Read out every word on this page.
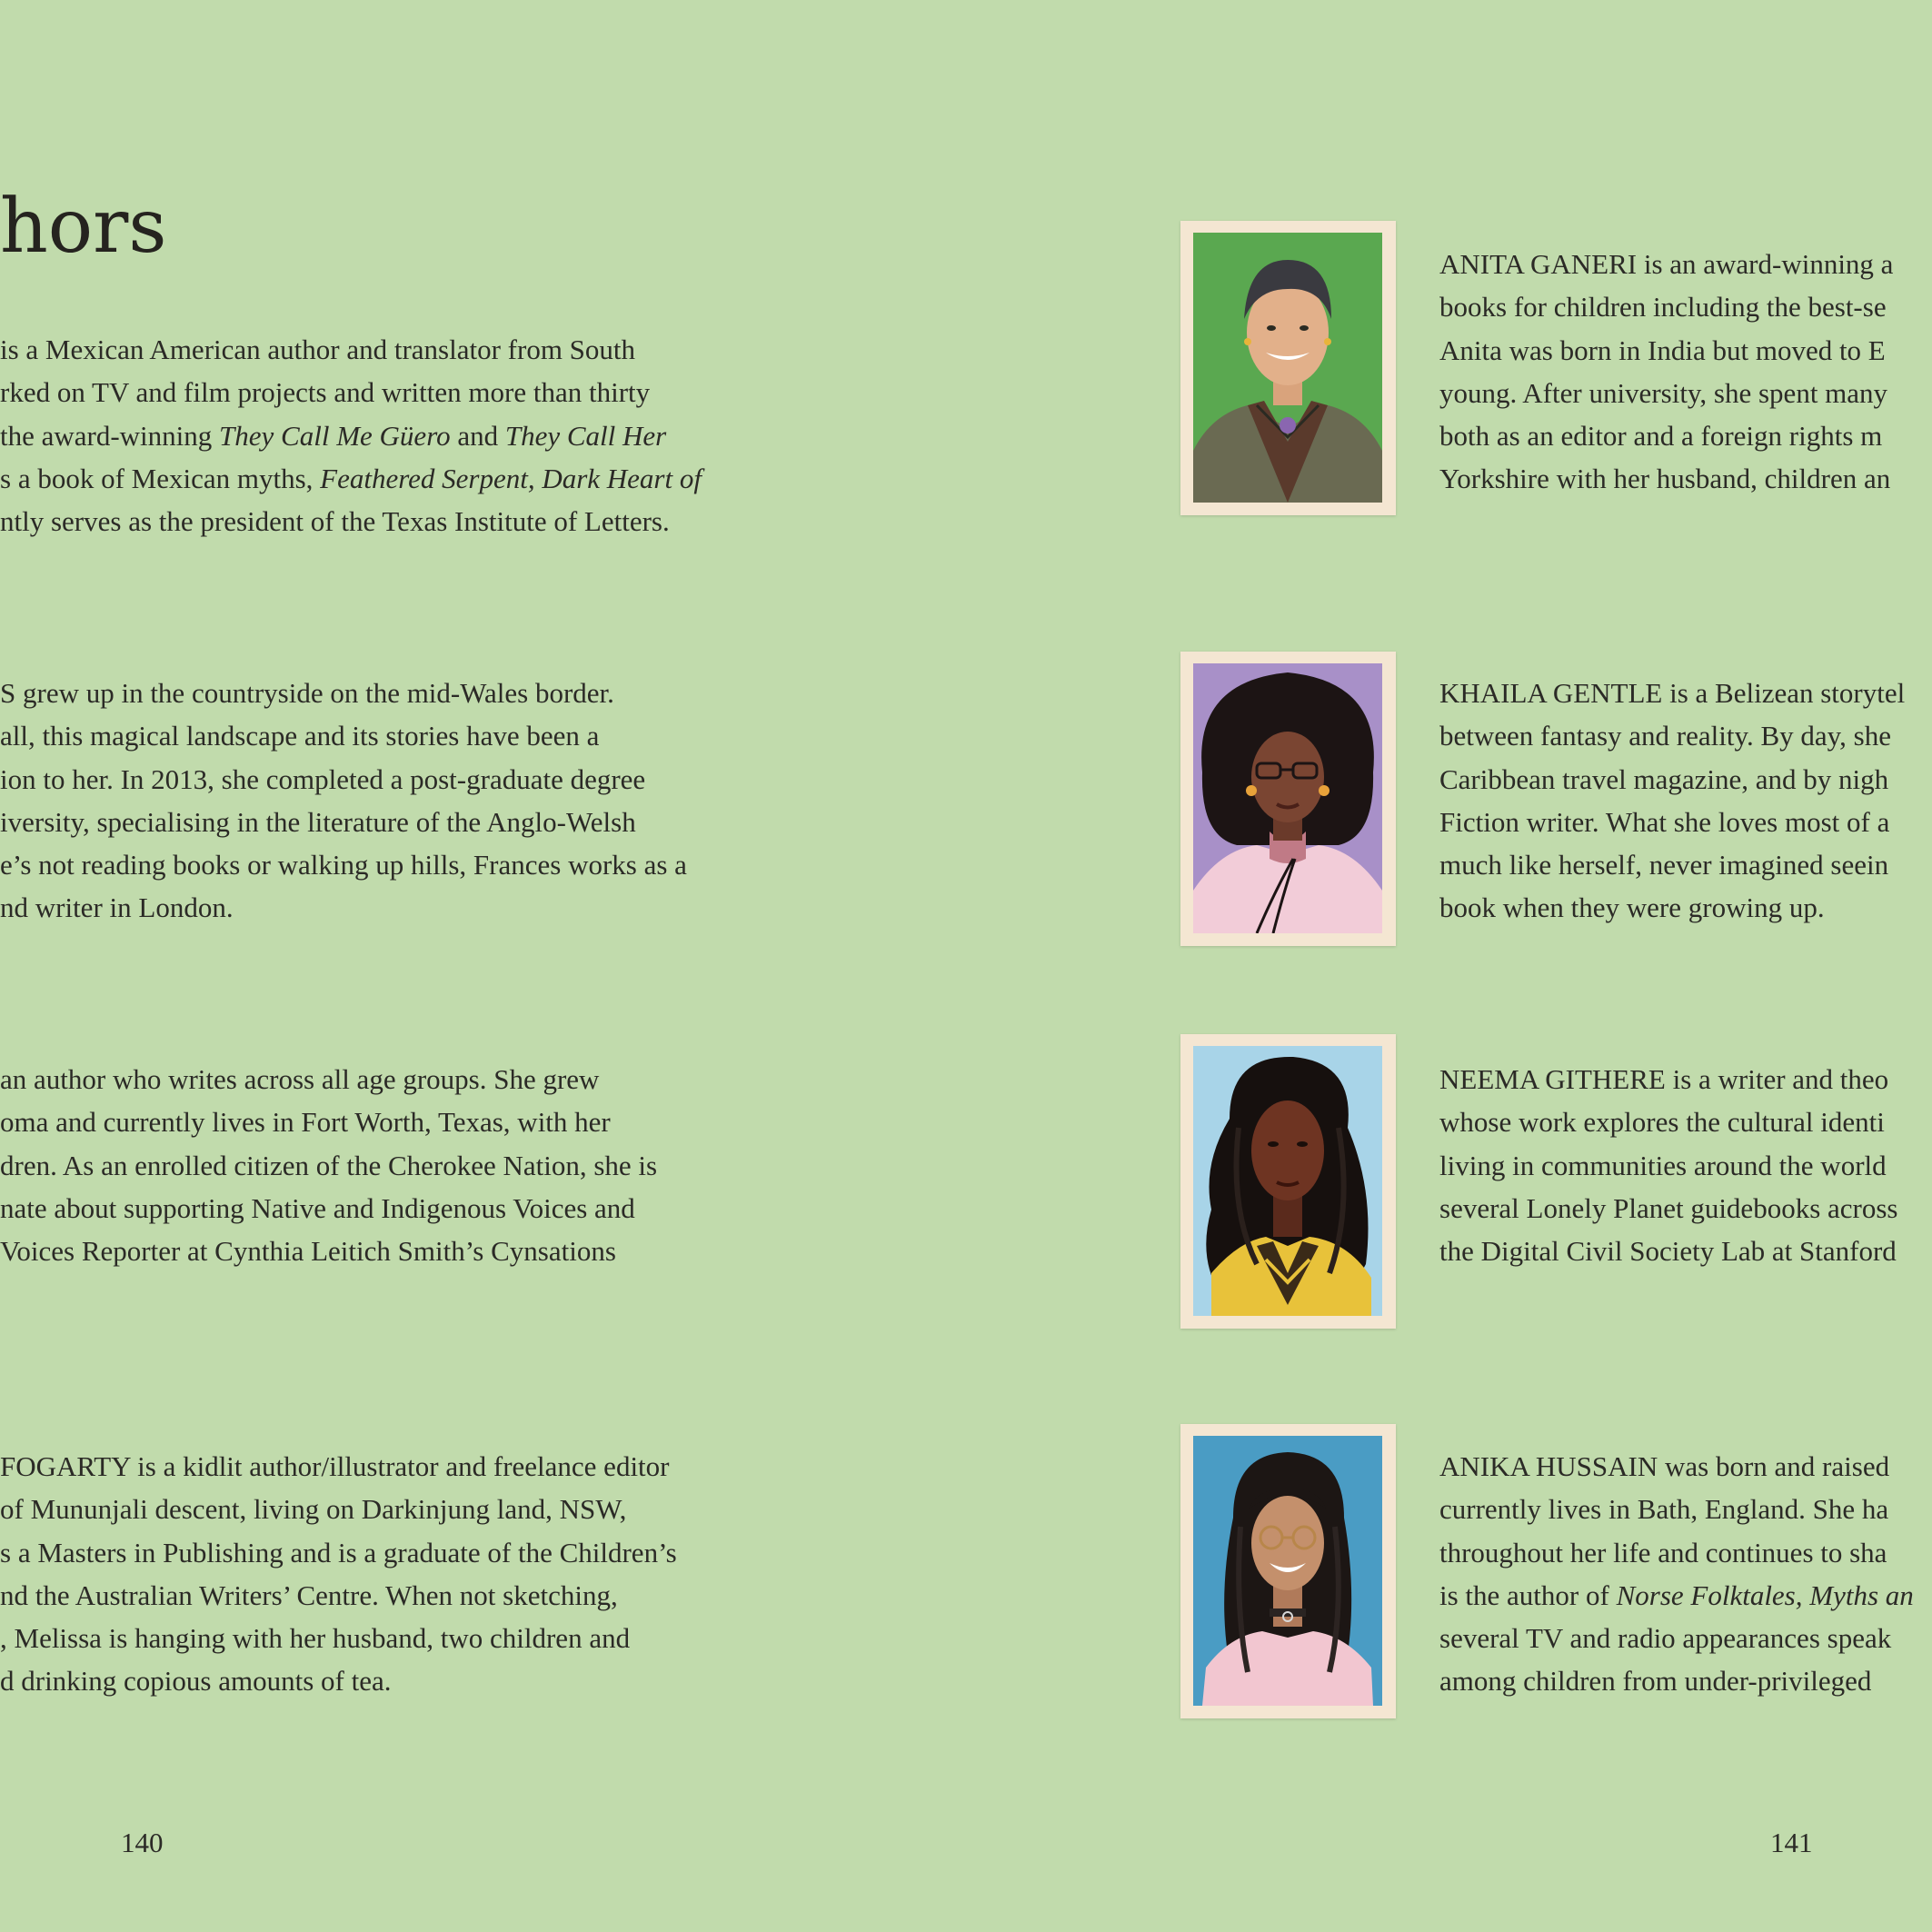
hors
is a Mexican American author and translator from South
rked on TV and film projects and written more than thirty
the award-winning They Call Me Güero and They Call Her
s a book of Mexican myths, Feathered Serpent, Dark Heart of
ntly serves as the president of the Texas Institute of Letters.
S grew up in the countryside on the mid-Wales border.
all, this magical landscape and its stories have been a
ion to her. In 2013, she completed a post-graduate degree
iversity, specialising in the literature of the Anglo-Welsh
e’s not reading books or walking up hills, Frances works as a
nd writer in London.
an author who writes across all age groups. She grew
oma and currently lives in Fort Worth, Texas, with her
dren. As an enrolled citizen of the Cherokee Nation, she is
nate about supporting Native and Indigenous Voices and
Voices Reporter at Cynthia Leitich Smith’s Cynsations
FOGARTY is a kidlit author/illustrator and freelance editor
of Mununjali descent, living on Darkinjung land, NSW,
s a Masters in Publishing and is a graduate of the Children’s
nd the Australian Writers’ Centre. When not sketching,
, Melissa is hanging with her husband, two children and
d drinking copious amounts of tea.
ANITA GANERI is an award-winning a
books for children including the best-se
Anita was born in India but moved to E
young. After university, she spent many
both as an editor and a foreign rights m
Yorkshire with her husband, children an
KHAILA GENTLE is a Belizean storytel
between fantasy and reality. By day, she
Caribbean travel magazine, and by nigh
Fiction writer. What she loves most of a
much like herself, never imagined seein
book when they were growing up.
NEEMA GITHERE is a writer and theo
whose work explores the cultural identi
living in communities around the world
several Lonely Planet guidebooks across
the Digital Civil Society Lab at Stanford
ANIKA HUSSAIN was born and raised
currently lives in Bath, England. She ha
throughout her life and continues to sha
is the author of Norse Folktales, Myths an
several TV and radio appearances speak
among children from under-privileged
140	141
